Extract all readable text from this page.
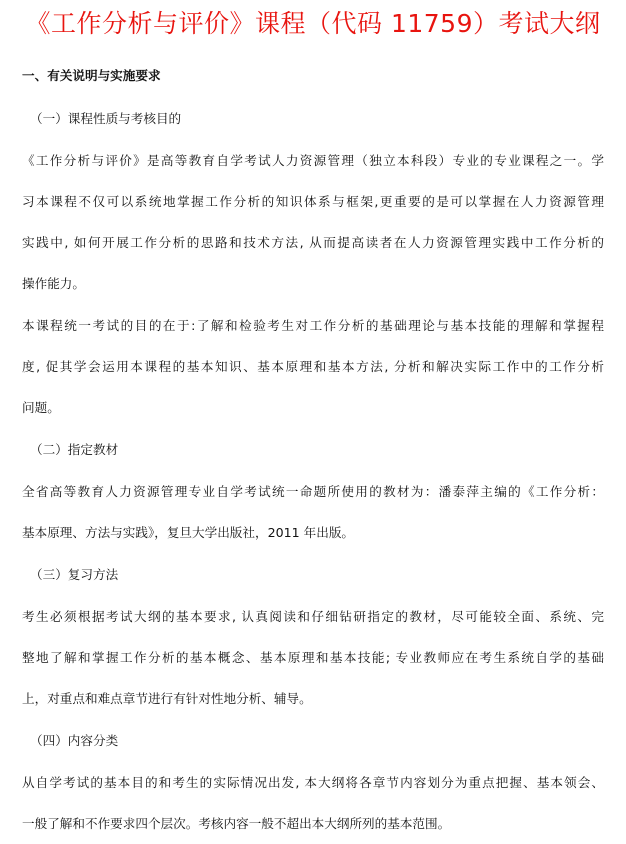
《工作分析与评价》课程（代码 11759）考试大纲
一、有关说明与实施要求
（一）课程性质与考核目的
《工作分析与评价》是高等教育自学考试人力资源管理（独立本科段）专业的专业课程之一。学
习本课程不仅可以系统地掌握工作分析的知识体系与框架,更重要的是可以掌握在人力资源管理
实践中, 如何开展工作分析的思路和技术方法, 从而提高读者在人力资源管理实践中工作分析的
操作能力。
本课程统一考试的目的在于:了解和检验考生对工作分析的基础理论与基本技能的理解和掌握程
度, 促其学会运用本课程的基本知识、基本原理和基本方法, 分析和解决实际工作中的工作分析
问题。
（二）指定教材
全省高等教育人力资源管理专业自学考试统一命题所使用的教材为：潘泰萍主编的《工作分析：
基本原理、方法与实践》，复旦大学出版社，2011 年出版。
（三）复习方法
考生必须根据考试大纲的基本要求, 认真阅读和仔细钻研指定的教材，尽可能较全面、系统、完
整地了解和掌握工作分析的基本概念、基本原理和基本技能; 专业教师应在考生系统自学的基础
上，对重点和难点章节进行有针对性地分析、辅导。
（四）内容分类
从自学考试的基本目的和考生的实际情况出发, 本大纲将各章节内容划分为重点把握、基本领会、
一般了解和不作要求四个层次。考核内容一般不超出本大纲所列的基本范围。
